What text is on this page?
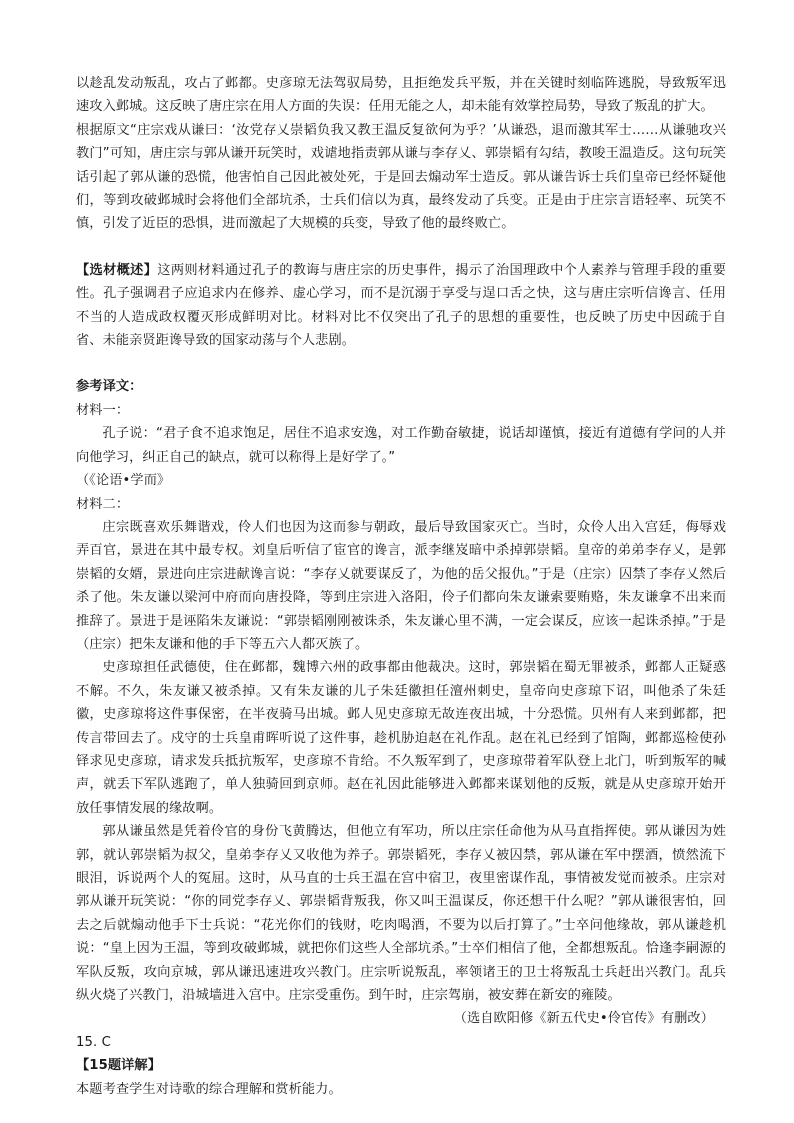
以趁乱发动叛乱，攻占了邺都。史彦琼无法驾驭局势，且拒绝发兵平叛，并在关键时刻临阵逃脱，导致叛军迅速攻入邺城。这反映了唐庄宗在用人方面的失误：任用无能之人，却未能有效掌控局势，导致了叛乱的扩大。

根据原文“庄宗戏从谦曰：‘汝党存乂崇韬负我又教王温反复欲何为乎？’从谦恐，退而激其军士……从谦驰攻兴教门”可知，唐庄宗与郭从谦开玩笑时，戏谑地指责郭从谦与李存乂、郭崇韬有勾结，教唆王温造反。这句玩笑话引起了郭从谦的恐慌，他害怕自己因此被处死，于是回去煽动军士造反。郭从谦告诉士兵们皇帝已经怀疑他们，等到攻破邺城时会将他们全部坑杀，士兵们信以为真，最终发动了兵变。正是由于庄宗言语轻率、玩笑不慎，引发了近臣的恐惧，进而激起了大规模的兵变，导致了他的最终败亡。

【选材概述】这两则材料通过孔子的教诲与唐庄宗的历史事件，揭示了治国理政中个人素养与管理手段的重要性。孔子强调君子应追求内在修养、虚心学习，而不是沉溺于享受与逞口舌之快，这与唐庄宗听信谗言、任用不当的人造成政权覆灭形成鲜明对比。材料对比不仅突出了孔子的思想的重要性，也反映了历史中因疏于自省、未能亲贤距谗导致的国家动荡与个人悲剧。

参考译文：

材料一：

孔子说：“君子食不追求饱足，居住不追求安逸，对工作勤奋敏捷，说话却谨慎，接近有道德有学问的人并向他学习，纠正自己的缺点，就可以称得上是好学了。”

（《论语•学而》

材料二：

庄宗既喜欢乐舞谐戏，伶人们也因为这而参与朝政，最后导致国家灭亡。当时，众伶人出入宫廷，侮辱戏弄百官，景进在其中最专权。刘皇后听信了宦官的谗言，派李继岌暗中杀掉郭崇韬。皇帝的弟弟李存乂，是郭崇韬的女婿，景进向庄宗进献谗言说：“李存乂就要谋反了，为他的岳父报仇。”于是（庄宗）囚禁了李存乂然后杀了他。朱友谦以梁河中府而向唐投降，等到庄宗进入洛阳，伶子们都向朱友谦索要贿赂，朱友谦拿不出来而推辞了。景进于是诬陷朱友谦说：“郭崇韬刚刚被诛杀，朱友谦心里不满，一定会谋反，应该一起诛杀掉。”于是（庄宗）把朱友谦和他的手下等五六人都灭族了。

史彦琼担任武德使，住在邺都，魏博六州的政事都由他裁决。这时，郭崇韬在蜀无罪被杀，邺都人正疑惑不解。不久，朱友谦又被杀掉。又有朱友谦的儿子朱廷徽担任澶州刺史，皇帝向史彦琼下诏，叫他杀了朱廷徽，史彦琼将这件事保密，在半夜骑马出城。邺人见史彦琼无故连夜出城，十分恐慌。贝州有人来到邺都，把传言带回去了。戍守的士兵皇甫晖听说了这件事，趁机胁迫赵在礼作乱。赵在礼已经到了馆陶，邺都巡检使孙铎求见史彦琼，请求发兵抵抗叛军，史彦琼不肯给。不久叛军到了，史彦琼带着军队登上北门，听到叛军的喊声，就丢下军队逃跑了，单人独骑回到京师。赵在礼因此能够进入邺都来谋划他的反叛，就是从史彦琼开始开放任事情发展的缘故啊。

郭从谦虽然是凭着伶官的身份飞黄腾达，但他立有军功，所以庄宗任命他为从马直指挥使。郭从谦因为姓郭，就认郭崇韬为叔父，皇弟李存乂又收他为养子。郭崇韬死，李存乂被囚禁，郭从谦在军中摆酒，愤然流下眼泪，诉说两个人的冤屈。这时，从马直的士兵王温在宫中宿卫，夜里密谋作乱，事情被发觉而被杀。庄宗对郭从谦开玩笑说：“你的同党李存乂、郭崇韬背叛我，你又叫王温谋反，你还想干什么呢？”郭从谦很害怕，回去之后就煽动他手下士兵说：“花光你们的钱财，吃肉喝酒，不要为以后打算了。”士卒问他缘故，郭从谦趁机说：“皇上因为王温，等到攻破邺城，就把你们这些人全部坑杀。”士卒们相信了他，全都想叛乱。恰逢李嗣源的军队反叛，攻向京城，郭从谦迅速进攻兴教门。庄宗听说叛乱，率领诸王的卫士将叛乱士兵赶出兴教门。乱兵纵火烧了兴教门，沿城墙进入宫中。庄宗受重伤。到午时，庄宗驾崩，被安葬在新安的雍陵。

（选自欧阳修《新五代史•伶官传》有删改）

15. C

【15题详解】

本题考查学生对诗歌的综合理解和赏析能力。
